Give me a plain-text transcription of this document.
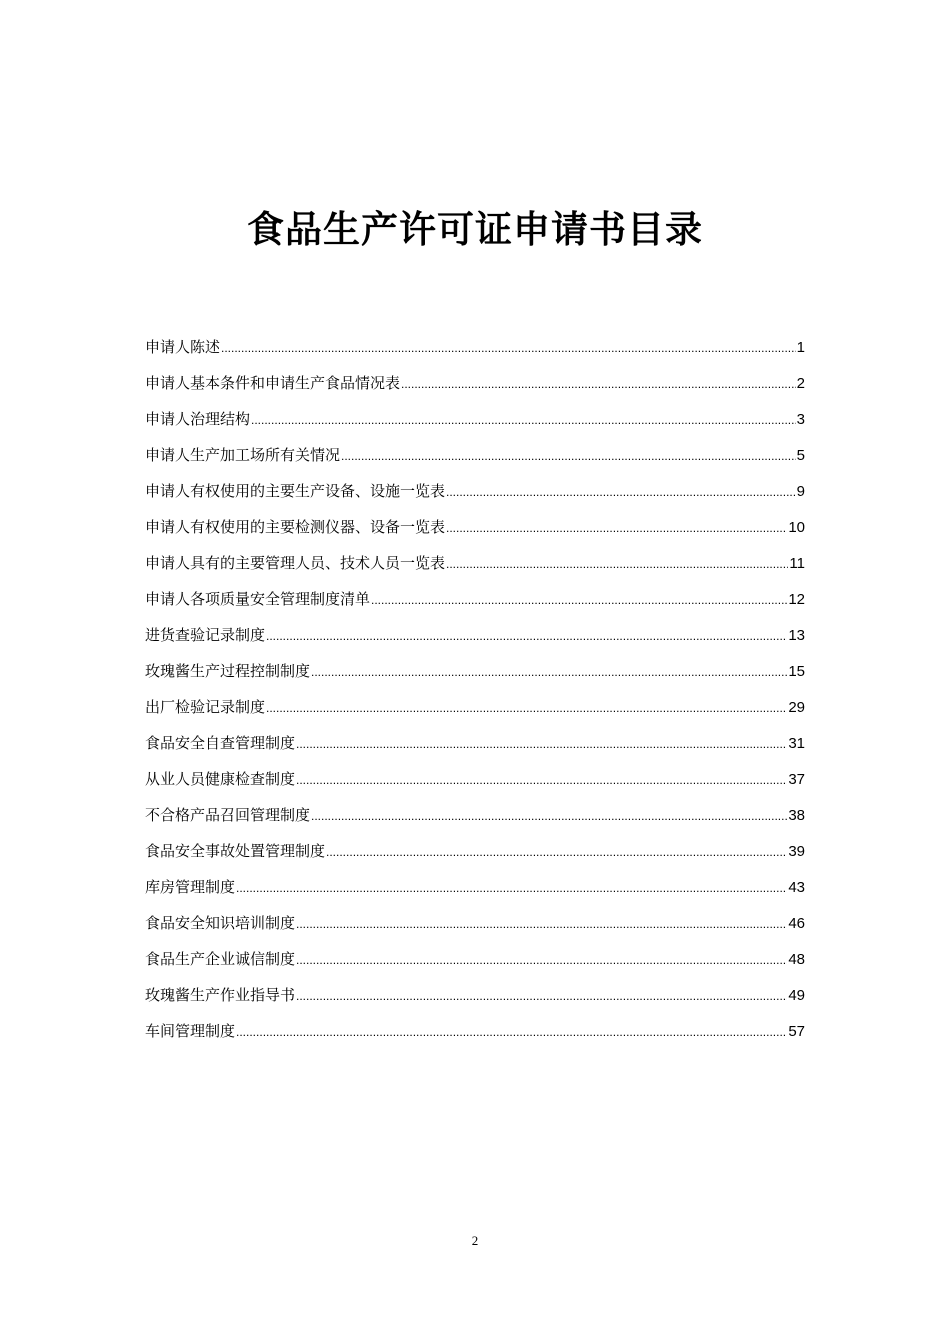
食品生产许可证申请书目录
申请人陈述 .....	1
申请人基本条件和申请生产食品情况表 .....	2
申请人治理结构 .....	3
申请人生产加工场所有关情况 .....	5
申请人有权使用的主要生产设备、设施一览表 .....	9
申请人有权使用的主要检测仪器、设备一览表 .....	10
申请人具有的主要管理人员、技术人员一览表 .....	11
申请人各项质量安全管理制度清单 .....	12
进货查验记录制度 .....	13
玫瑰酱生产过程控制制度 .....	15
出厂检验记录制度 .....	29
食品安全自查管理制度 .....	31
从业人员健康检查制度 .....	37
不合格产品召回管理制度 .....	38
食品安全事故处置管理制度 .....	39
库房管理制度 .....	43
食品安全知识培训制度 .....	46
食品生产企业诚信制度 .....	48
玫瑰酱生产作业指导书 .....	49
车间管理制度 .....	57
2
